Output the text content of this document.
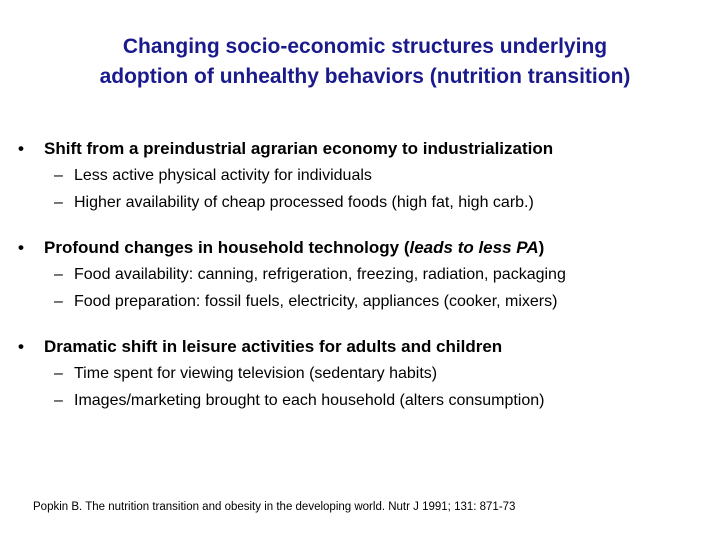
Changing socio-economic structures underlying
adoption of unhealthy behaviors (nutrition transition)
•	Shift from a preindustrial agrarian economy to industrialization
– Less active physical activity for individuals
– Higher availability of cheap processed foods (high fat, high carb.)
•	Profound changes in household technology (leads to less PA)
– Food availability: canning, refrigeration, freezing, radiation, packaging
– Food preparation: fossil fuels, electricity, appliances (cooker, mixers)
•	Dramatic shift in leisure activities for adults and children
– Time spent for viewing television (sedentary habits)
– Images/marketing brought to each household (alters consumption)
Popkin B. The nutrition transition and obesity in the developing world. Nutr J 1991; 131: 871-73
